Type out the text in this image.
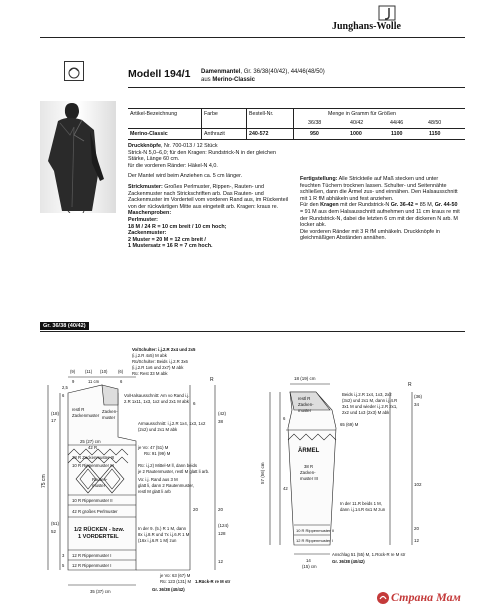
Junghans-Wolle
Modell 194/1 Damenmantel, Gr. 36/38(40/42), 44/46(48/50)
aus Merino-Classic
Artikel-Bezeichnung	Farbe	Bestell-Nr.	Menge in Gramm für Größen
36/38	40/42	44/46	48/50
Merino-Classic	Anthrazit	240-572	950	1000	1100	1150
Druckknöpfe, Nr. 700-013 / 12 Stück
Strick-N 5,0–6,0; für den Kragen: Rundstrick-N in der gleichen Stärke, Länge 60 cm.
für die vorderen Ränder: Häkel-N 4,0.
Der Mantel wird beim Anziehen ca. 5 cm länger.
Strickmuster: Großes Perlmuster, Rippen-, Rauten- und Zackenmuster nach Strickschriften arb. Das Rauten- und Zackenmuster im Vorderteil vom vorderen Rand aus, im Rückenteil von der rückwärtigen Mitte aus eingeteilt arb. Kragen: kraus re.
Maschenproben:
Perlmuster:
18 M / 24 R = 10 cm breit / 10 cm hoch;
Zackenmuster:
2 Muster = 20 M = 12 cm breit /
1 Mustersatz = 16 R = 7 cm hoch.
Fertigstellung: Alle Strickteile auf Maß stecken und unter feuchten Tüchern trocknen lassen. Schulter- und Seitennähte schließen, dann die Ärmel zus- und einnähen. Den Halsausschnitt mit 1 R fM abhäkeln und fest anziehen.
Für den Kragen mit der Rundstrick-N Gr. 36-42 = 85 M, Gr. 44-50 = 91 M aus dem Halsausschnitt aufnehmen und 11 cm kraus re mit der Rundstrick-N, dabei die letzten 6 cm mit der dickeren N arb. M locker abk.
Die vorderen Ränder mit 3 R fM umhäkeln. Druckknöpfe in gleichmäßigen Abständen annähen.
Gr. 36/38 (40/42)
75 cm
(18)
17
(51)
52
2,5
6
3
5
(9) (11) (10)	(6)
9	11 cm	6
Vo/Schulter: i.j.2.R 2x4 und 2x5
(i.j.2.R 4x5) M abk
Rü/Schulter: Beids i.j.2.R 3x6
(i.j.2.R 1x6 und 2x7) M abk
Rü: Rest 33 M abk
R
Vo/Halsausschnitt: Am vo Rand i.j.
2.R 1x11, 1x3, 1x2 und 2x1 M abk
Armausschnitt: i.j.2.R 1x4, 1x3, 1x2
(2x2) und 2x1 M abk
restl R
Zackenmuster
Zacken-
muster
25 (27) cm
42 R
28 R Zackenmuster III
je Vo: 47 (51) M
Rü: 91 (99) M
10 R Rippenmuster III
Rauten-
muster
Rü: i.j.2) Mittel-M ll, dann beids
je 2 Rautenmuster, restl M glatt li arb.
Vo: i.j. Rand aus 3 M
glatt li, dann 2 Rautenmuster,
restl M glatt li arb
10 R Rippenmuster II
42 R großes Perlmuster
1/2 RÜCKEN - bzw.
1 VORDERTEIL
In der 9. (5.) R 1 M, dann
8x i.j.8.R und 7x i.j.6.R 1 M
(16x i.j.6.R 1 M) zun
12 R Rippenmuster I
12 R Rippenmuster I
je Vo: 63 (67) M
Rü: 123 (131) M 1.Rück-R re M str
Gr. 36/38 (40/42)
35 (37) cm
6
(42)
38
(124)
128
20	20
12
18 (19) cm
R
Beids i.j.2.R 1x4, 1x3, 2x2
(3x2) und 2x1 M, dann i.j.4.R
3x1 M und wieder i.j.2.R 2x1,
2x2 und 1x3 (2x3) M abk
restl R
Zacken-
muster
65 (69) M
ÄRMEL
38 R
Zacken-
muster III
In der 11.R beids 1 M,
dann i.j.14.R 6x1 M zun
10 R Rippenmuster II
12 R Rippenmuster I
Anschlag 51 (55) M, 1.Rück-R re M str
Gr. 36/38 (40/42)
14
(15) cm
6
42
57 (56) cm
(36)
34
102
20
12
Страна Мам
